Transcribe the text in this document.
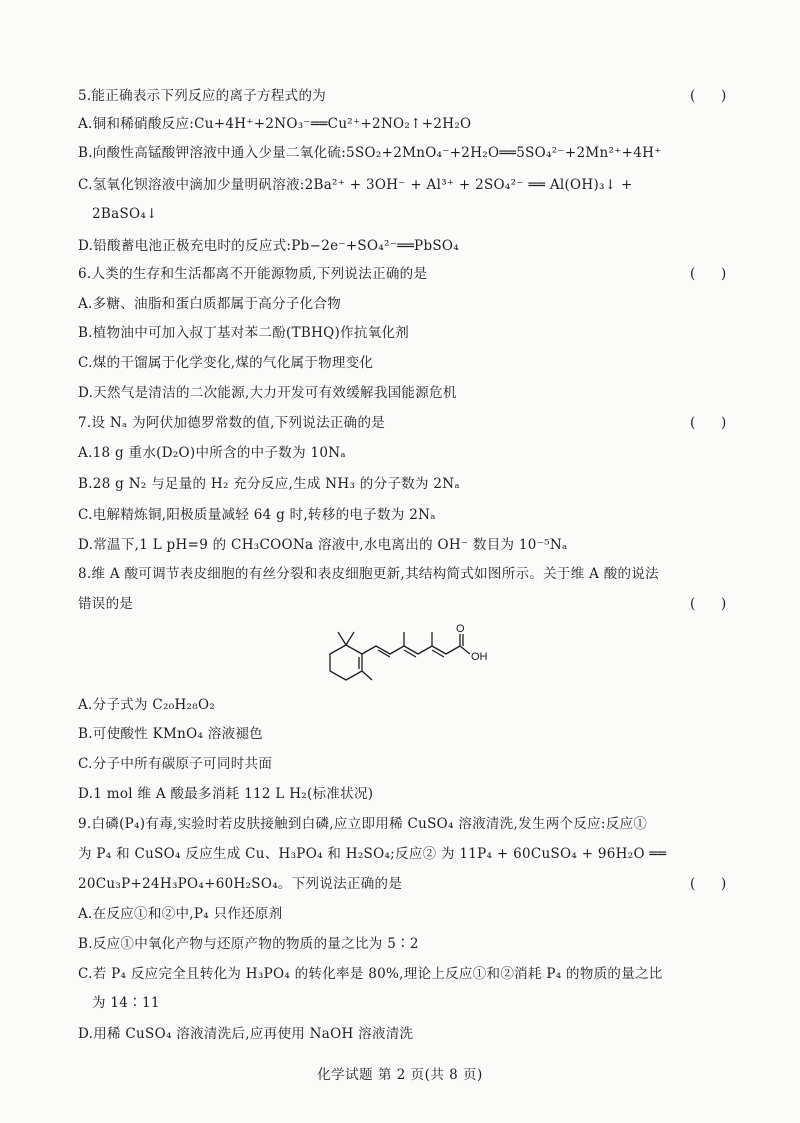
5.能正确表示下列反应的离子方程式的为	(      )
A.铜和稀硝酸反应:Cu+4H⁺+2NO₃⁻══Cu²⁺+2NO₂↑+2H₂O
B.向酸性高锰酸钾溶液中通入少量二氧化硫:5SO₂+2MnO₄⁻+2H₂O══5SO₄²⁻+2Mn²⁺+4H⁺
C.氢氧化钡溶液中滴加少量明矾溶液:2Ba²⁺ + 3OH⁻ + Al³⁺ + 2SO₄²⁻ ══ Al(OH)₃↓ +
2BaSO₄↓
D.铅酸蓄电池正极充电时的反应式:Pb−2e⁻+SO₄²⁻══PbSO₄
6.人类的生存和生活都离不开能源物质,下列说法正确的是	(      )
A.多糖、油脂和蛋白质都属于高分子化合物
B.植物油中可加入叔丁基对苯二酚(TBHQ)作抗氧化剂
C.煤的干馏属于化学变化,煤的气化属于物理变化
D.天然气是清洁的二次能源,大力开发可有效缓解我国能源危机
7.设 Nₐ 为阿伏加德罗常数的值,下列说法正确的是	(      )
A.18 g 重水(D₂O)中所含的中子数为 10Nₐ
B.28 g N₂ 与足量的 H₂ 充分反应,生成 NH₃ 的分子数为 2Nₐ
C.电解精炼铜,阳极质量减轻 64 g 时,转移的电子数为 2Nₐ
D.常温下,1 L pH=9 的 CH₃COONa 溶液中,水电离出的 OH⁻ 数目为 10⁻⁵Nₐ
8.维 A 酸可调节表皮细胞的有丝分裂和表皮细胞更新,其结构简式如图所示。关于维 A 酸的说法
错误的是	(      )
O
OH
A.分子式为 C₂₀H₂₈O₂
B.可使酸性 KMnO₄ 溶液褪色
C.分子中所有碳原子可同时共面
D.1 mol 维 A 酸最多消耗 112 L H₂(标准状况)
9.白磷(P₄)有毒,实验时若皮肤接触到白磷,应立即用稀 CuSO₄ 溶液清洗,发生两个反应:反应①
为 P₄ 和 CuSO₄ 反应生成 Cu、H₃PO₄ 和 H₂SO₄;反应② 为 11P₄ + 60CuSO₄ + 96H₂O ══
20Cu₃P+24H₃PO₄+60H₂SO₄。下列说法正确的是	(      )
A.在反应①和②中,P₄ 只作还原剂
B.反应①中氧化产物与还原产物的物质的量之比为 5∶2
C.若 P₄ 反应完全且转化为 H₃PO₄ 的转化率是 80%,理论上反应①和②消耗 P₄ 的物质的量之比
为 14∶11
D.用稀 CuSO₄ 溶液清洗后,应再使用 NaOH 溶液清洗
化学试题 第 2 页(共 8 页)
